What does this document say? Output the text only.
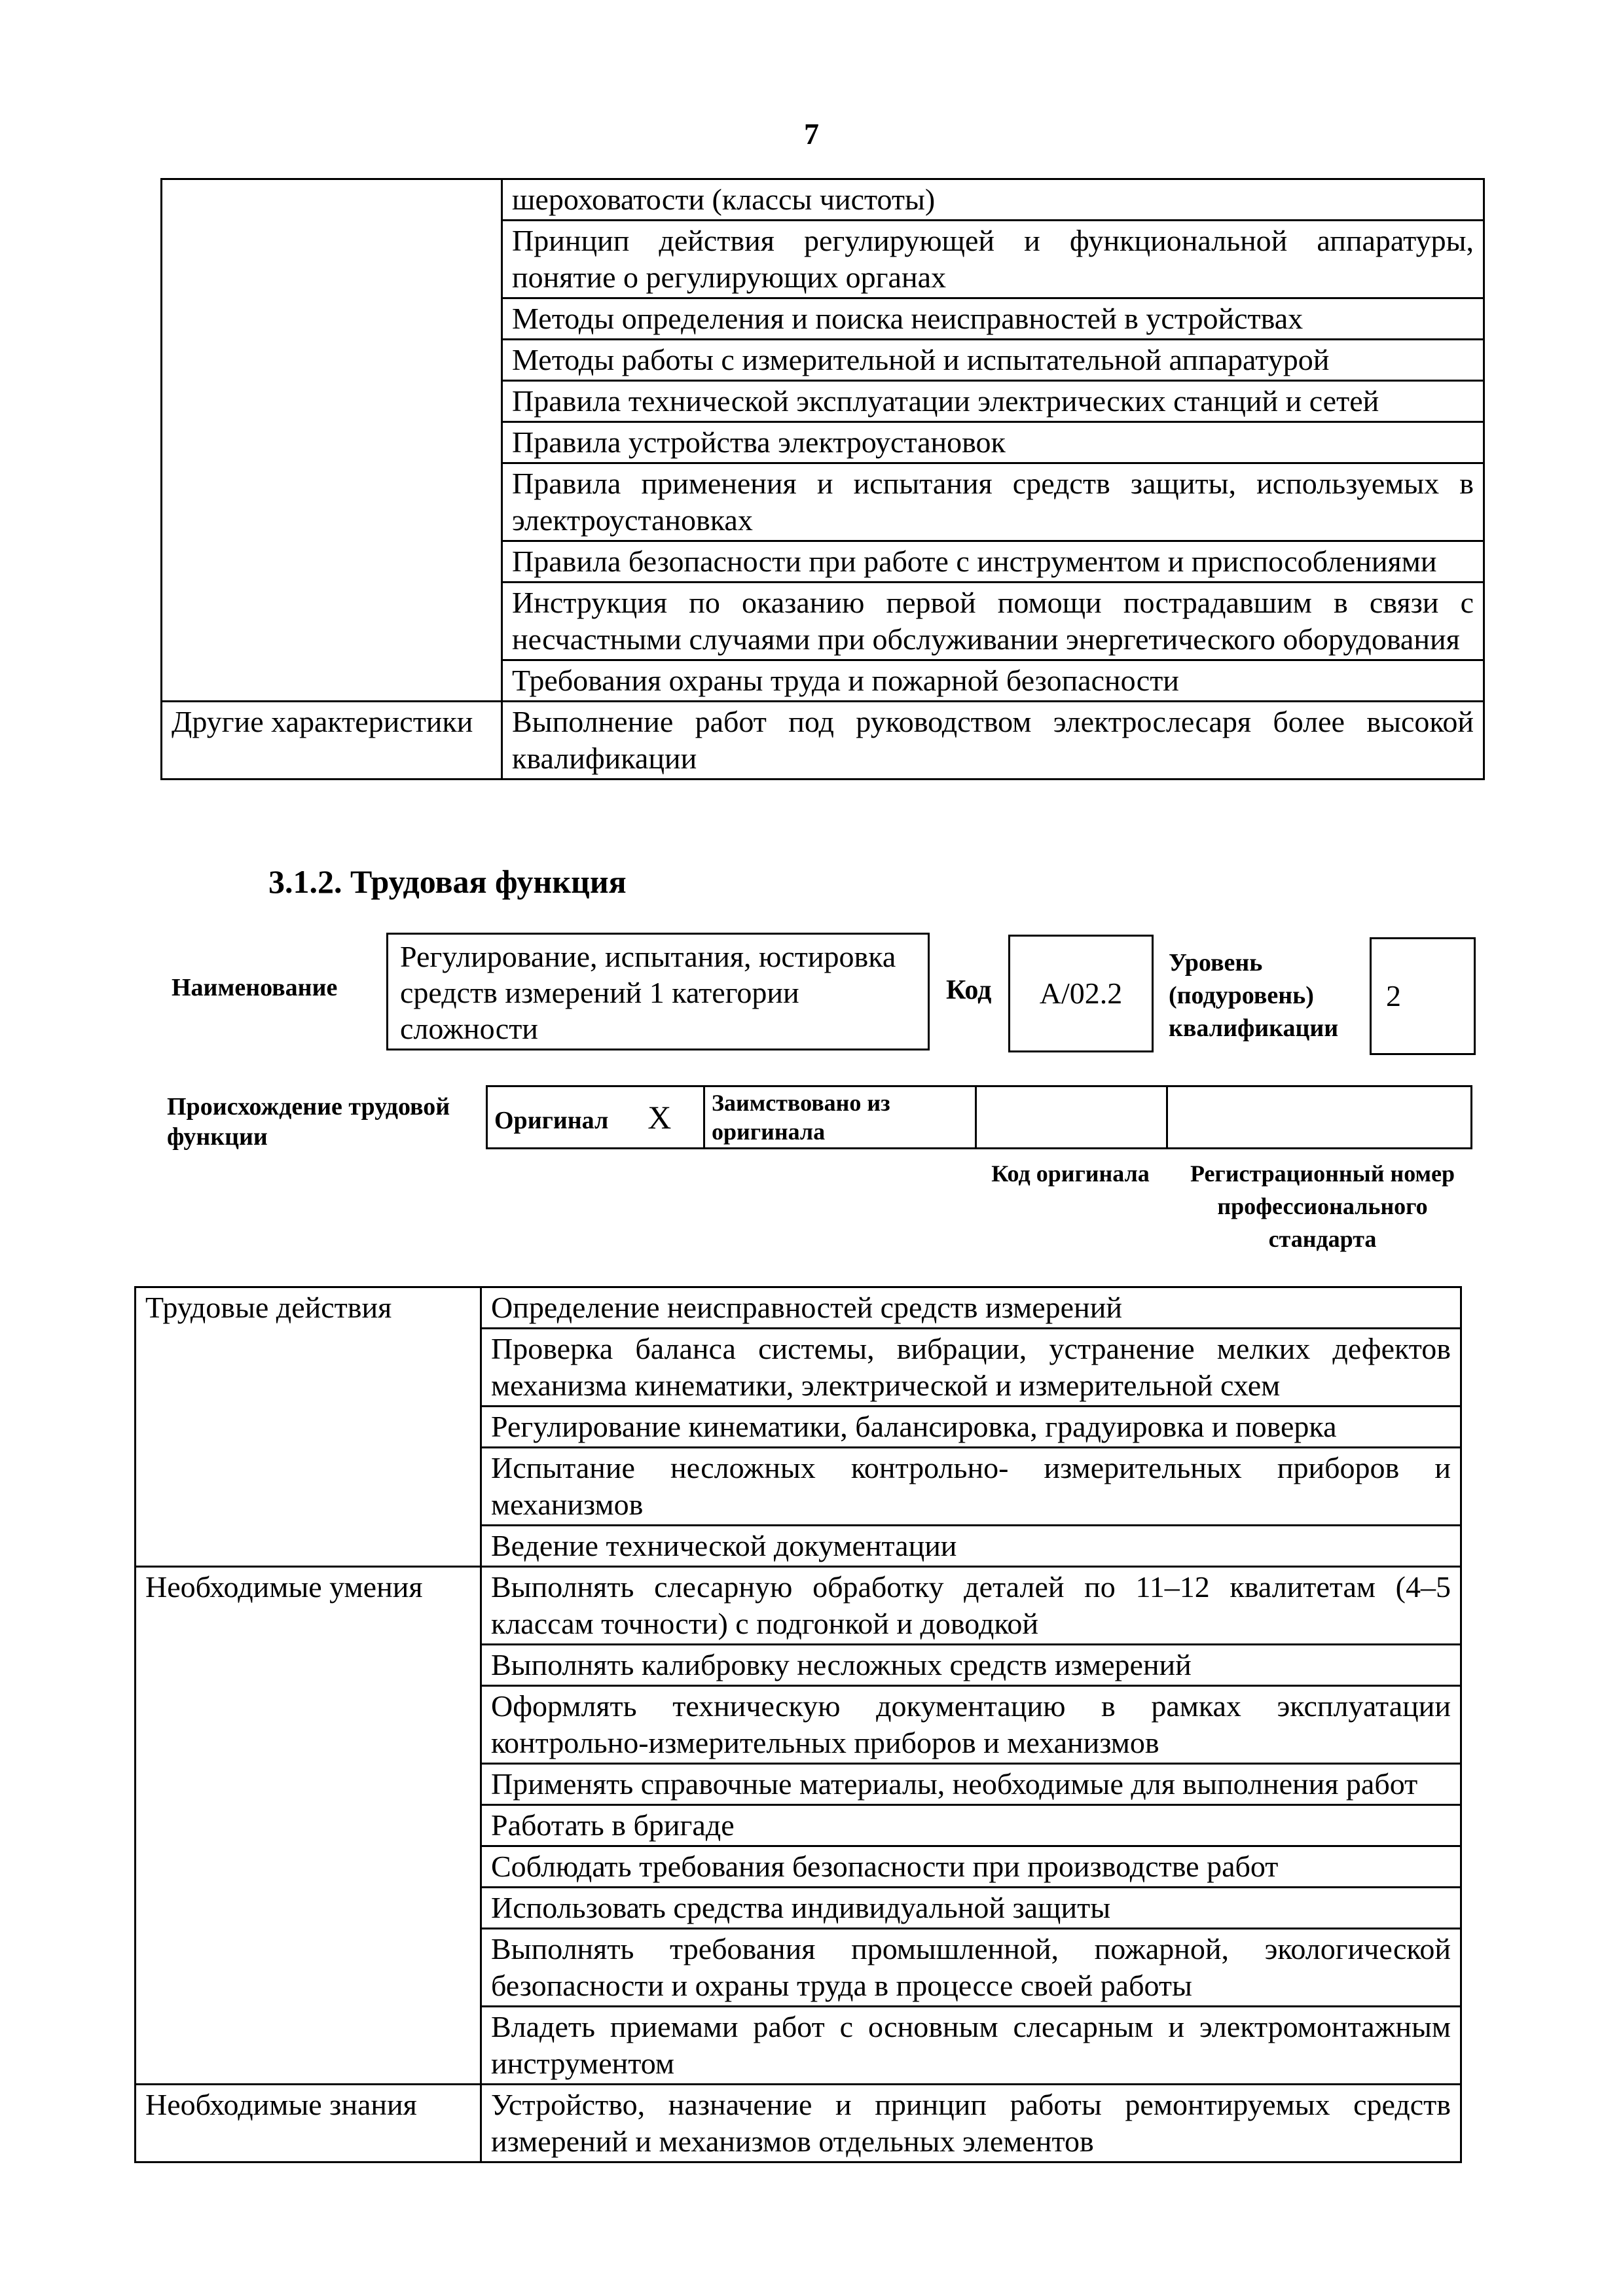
7
	шероховатости (классы чистоты)
	Принцип действия регулирующей и функциональной аппаратуры, понятие о регулирующих органах
	Методы определения и поиска неисправностей в устройствах
	Методы работы с измерительной и испытательной аппаратурой
	Правила технической эксплуатации электрических станций и сетей
	Правила устройства электроустановок
	Правила применения и испытания средств защиты, используемых в электроустановках
	Правила безопасности при работе с инструментом и приспособлениями
	Инструкция по оказанию первой помощи пострадавшим в связи с несчастными случаями при обслуживании энергетического оборудования
	Требования охраны труда и пожарной безопасности
Другие характеристики	Выполнение работ под руководством электрослесаря более высокой квалификации
3.1.2. Трудовая функция
Наименование
Регулирование, испытания, юстировка средств измерений 1 категории сложности
Код	А/02.2
Уровень (подуровень) квалификации
2
Происхождение трудовой функции
Оригинал X	Заимствовано из оригинала		
Код оригинала	Регистрационный номер профессионального стандарта
Трудовые действия	Определение неисправностей средств измерений
	Проверка баланса системы, вибрации, устранение мелких дефектов механизма кинематики, электрической и измерительной схем
	Регулирование кинематики, балансировка, градуировка и поверка
	Испытание несложных контрольно- измерительных приборов и механизмов
	Ведение технической документации
Необходимые умения	Выполнять слесарную обработку деталей по 11–12 квалитетам (4–5 классам точности) с подгонкой и доводкой
	Выполнять калибровку несложных средств измерений
	Оформлять техническую документацию в рамках эксплуатации контрольно-измерительных приборов и механизмов
	Применять справочные материалы, необходимые для выполнения работ
	Работать в бригаде
	Соблюдать требования безопасности при производстве работ
	Использовать средства индивидуальной защиты
	Выполнять требования промышленной, пожарной, экологической безопасности и охраны труда в процессе своей работы
	Владеть приемами работ с основным слесарным и электромонтажным инструментом
Необходимые знания	Устройство, назначение и принцип работы ремонтируемых средств измерений и механизмов отдельных элементов
